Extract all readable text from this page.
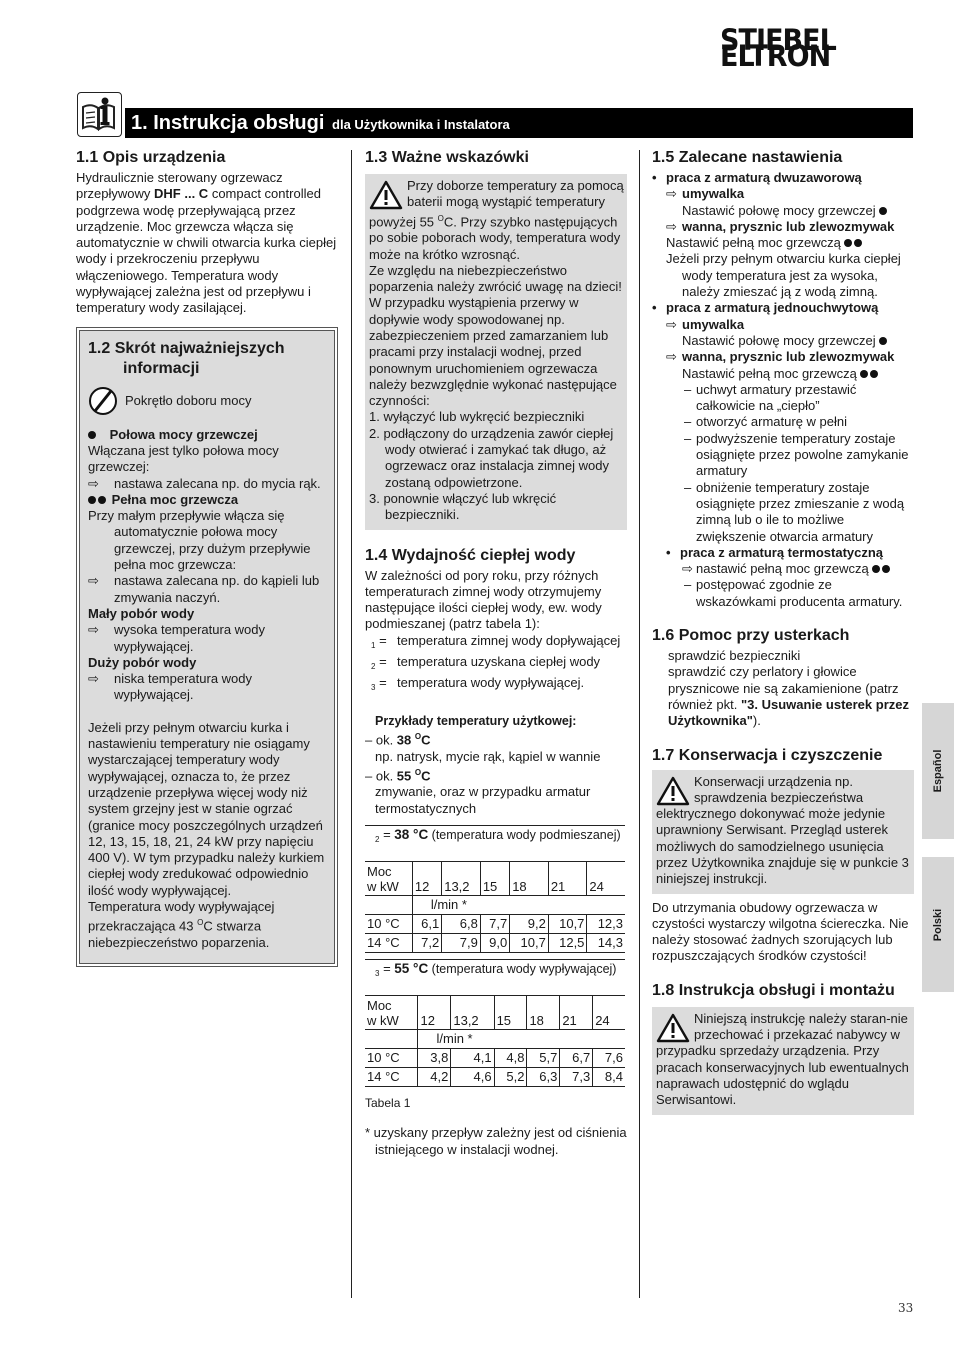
STIEBEL ELTRON
1. Instrukcja obsługi dla Użytkownika i Instalatora
1.1 Opis urządzenia

Hydraulicznie sterowany ogrzewacz przepływowy DHF ... C compact controlled podgrzewa wodę przepływającą przez urządzenie. Moc grzewcza włącza się automatycznie w chwili otwarcia kurka ciepłej wody i przekroczeniu przepływu włączeniowego. Temperatura wody wypływającej zależna jest od przepływu i temperatury wody zasilającej.

1.2 Skrót najważniejszych informacji
Pokrętło doboru mocy

Połowa mocy grzewczej

Włączana jest tylko połowa mocy grzewczej:

⇨	nastawa zalecana np. do mycia rąk.

Pełna moc grzewcza

Przy małym przepływie włącza się automatycznie połowa mocy grzewczej, przy dużym przepływie pełna moc grzewcza:

⇨	nastawa zalecana np. do kąpieli lub zmywania naczyń.

Mały pobór wody

⇨	wysoka temperatura wody wypływającej.

Duży pobór wody

⇨	niska temperatura wody wypływającej.

Jeżeli przy pełnym otwarciu kurka i nastawieniu temperatury nie osiągamy wystarczającej temperatury wody wypływającej, oznacza to, że przez urządzenie przepływa więcej wody niż system grzejny jest w stanie ogrzać (granice mocy poszczególnych urządzeń 12, 13, 15, 18, 21, 24 kW przy napięciu 400 V). W tym przypadku należy kurkiem ciepłej wody zredukować odpowiednio ilość wody wypływającej.

Temperatura wody wypływającej przekraczająca 43 $^O$C stwarza niebezpieczeństwo poparzenia.

1.3 Ważne wskazówki

Przy doborze temperatury za pomocą baterii mogą wystąpić temperatury powyżej 55 $^O$C. Przy szybko następujących po sobie poborach wody, temperatura wody może na krótko wzrosnąć.

Ze względu na niebezpieczeństwo poparzenia należy zwrócić uwagę na dzieci!

W przypadku wystąpienia przerwy w dopływie wody spowodowanej np. zabezpieczeniem przed zamarzaniem lub pracami przy instalacji wodnej, przed ponownym uruchomieniem ogrzewacza należy bezwzględnie wykonać następujące czynności:

1. wyłączyć lub wykręcić bezpieczniki

2. podłączony do urządzenia zawór ciepłej wody otwierać i zamykać tak długo, aż ogrzewacz oraz instalacja zimnej wody zostaną odpowietrzone.

3. ponownie włączyć lub wkręcić bezpieczniki.

1.4 Wydajność ciepłej wody

W zależności od pory roku, przy różnych temperaturach zimnej wody otrzymujemy następujące ilości ciepłej wody, ew. wody podmieszanej (patrz tabela 1):

$_1$ = temperatura zimnej wody dopływającej
$_2$ = temperatura uzyskana ciepłej wody
$_3$ = temperatura wody wypływającej.

Przykłady temperatury użytkowej:

– ok. 38 $^O$C

np. natrysk, mycie rąk, kąpiel w wannie

– ok. 55 $^O$C

zmywanie, oraz w przypadku armatur termostatycznych

$_2$ = 38 °C (temperatura wody podmieszanej)						

Moc
w kW	12	13,2	15	18	21	24
	l/min *					
10 °C	6,1	6,8	7,7	9,2	10,7	12,3
14 °C	7,2	7,9	9,0	10,7	12,5	14,3
$_3$ = 55 °C (temperatura wody wypływającej)						

Moc
w kW	12	13,2	15	18	21	24
	l/min *					
10 °C	3,8	4,1	4,8	5,7	6,7	7,6
14 °C	4,2	4,6	5,2	6,3	7,3	8,4

Tabela 1

* uzyskany przepływ zależny jest od ciśnienia istniejącego w instalacji wodnej.

1.5 Zalecane nastawienia
• praca z armaturą dwuzaworową
⇨ umywalka

Nastawić połowę mocy grzewczej

⇨ wanna, prysznic lub zlewozmywak

Nastawić pełną moc grzewczą

Jeżeli przy pełnym otwarciu kurka ciepłej wody temperatura jest za wysoka, należy zmieszać ją z wodą zimną.

• praca z armaturą jednouchwytową
⇨ umywalka

Nastawić połowę mocy grzewczej

⇨ wanna, prysznic lub zlewozmywak

Nastawić pełną moc grzewczą

– uchwyt armatury przestawić całkowicie na „ciepło”
– otworzyć armaturę w pełni
– podwyższenie temperatury zostaje osiągnięte przez powolne zamykanie armatury
– obniżenie temperatury zostaje osiągnięte przez zmieszanie z wodą zimną lub o ile to możliwe zwiększenie otwarcia armatury
• praca z armaturą termostatyczną
⇨ nastawić pełną moc grzewczą
– postępować zgodnie ze wskazówkami producenta armatury.
1.6 Pomoc przy usterkach

sprawdzić bezpieczniki

sprawdzić czy perlatory i głowice prysznicowe nie są zakamienione (patrz również pkt. "3. Usuwanie usterek przez Użytkownika").

1.7 Konserwacja i czyszczenie

Konserwacji urządzenia np. sprawdzenia bezpieczeństwa elektrycznego dokonywać może jedynie uprawniony Serwisant. Przegląd usterek możliwych do samodzielnego usunięcia przez Użytkownika znajduje się w punkcie 3 niniejszej instrukcji.

Do utrzymania obudowy ogrzewacza w czystości wystarczy wilgotna ściereczka. Nie należy stosować żadnych szorujących lub rozpuszczających środków czystości!

1.8 Instrukcja obsługi i montażu

Niniejszą instrukcję należy staran-nie przechować i przekazać nabywcy w przypadku sprzedaży urządzenia. Przy pracach konserwacyjnych lub ewentualnych naprawach udostępnić do wglądu Serwisantowi.

Español
Polski
33
